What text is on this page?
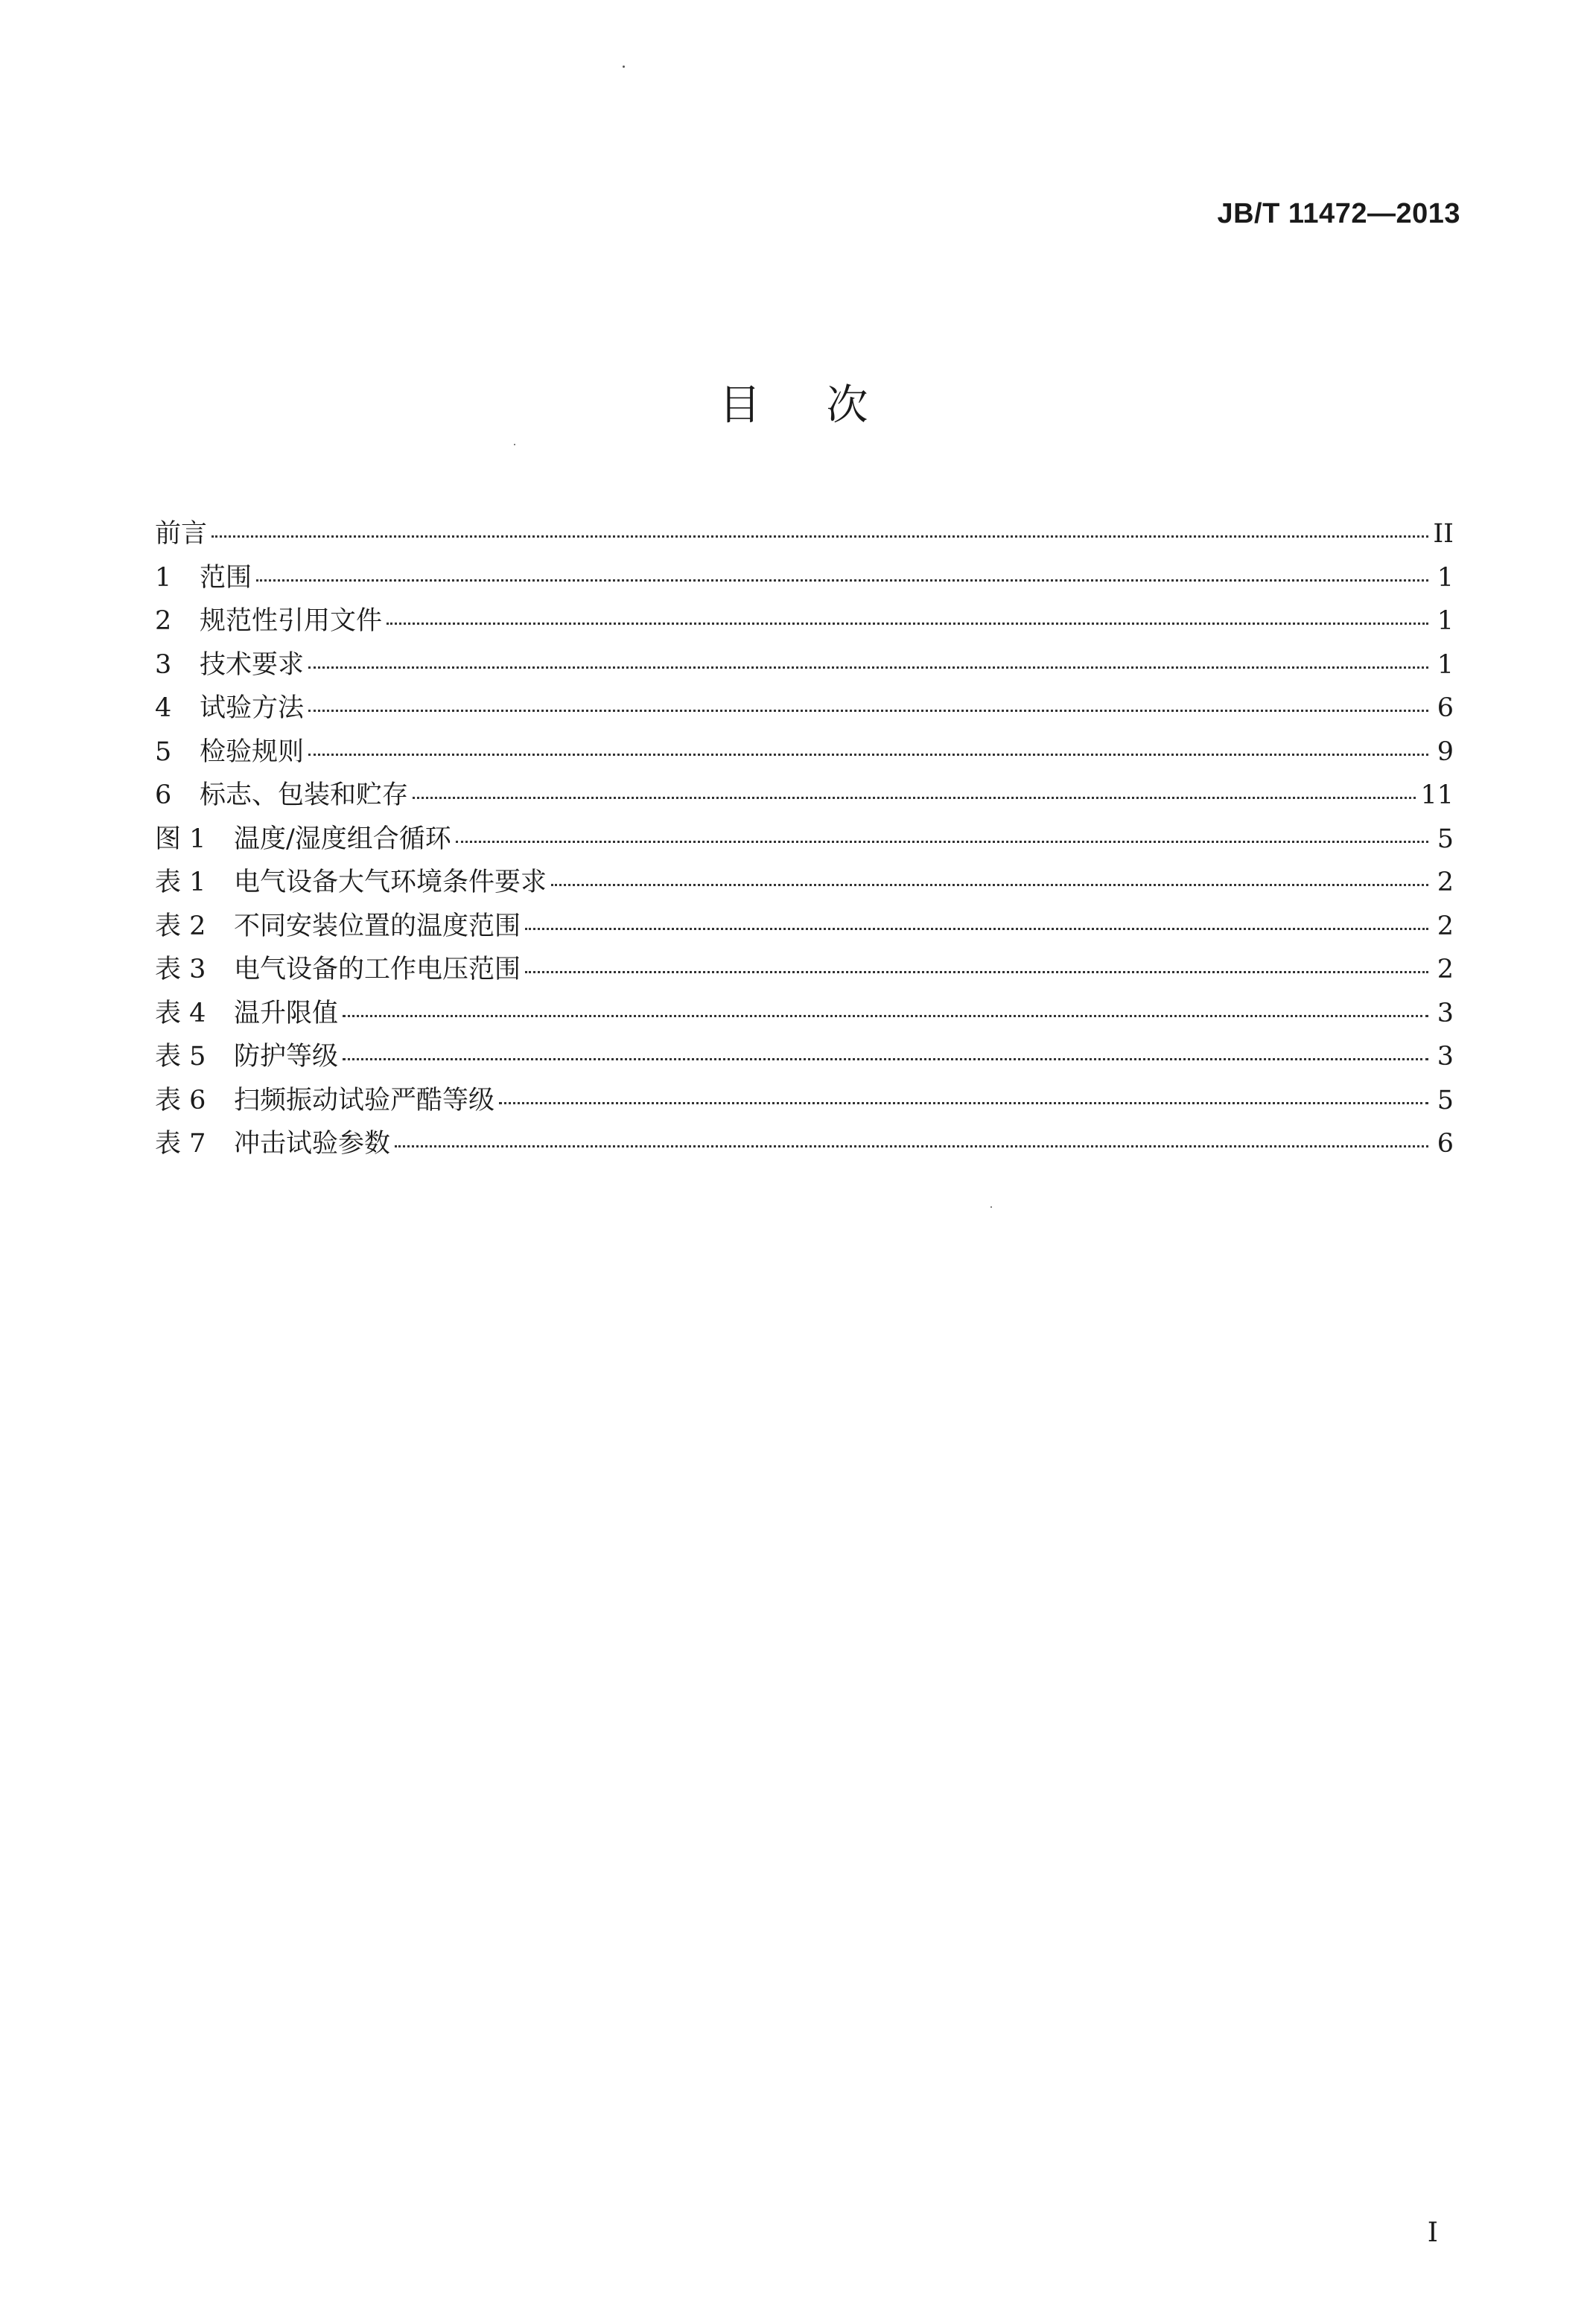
JB/T 11472—2013
目次
前言	II
1	范围	1
2	规范性引用文件	1
3	技术要求	1
4	试验方法	6
5	检验规则	9
6	标志、包装和贮存	11
图 1	温度/湿度组合循环	5
表 1	电气设备大气环境条件要求	2
表 2	不同安装位置的温度范围	2
表 3	电气设备的工作电压范围	2
表 4	温升限值	3
表 5	防护等级	3
表 6	扫频振动试验严酷等级	5
表 7	冲击试验参数	6
I
